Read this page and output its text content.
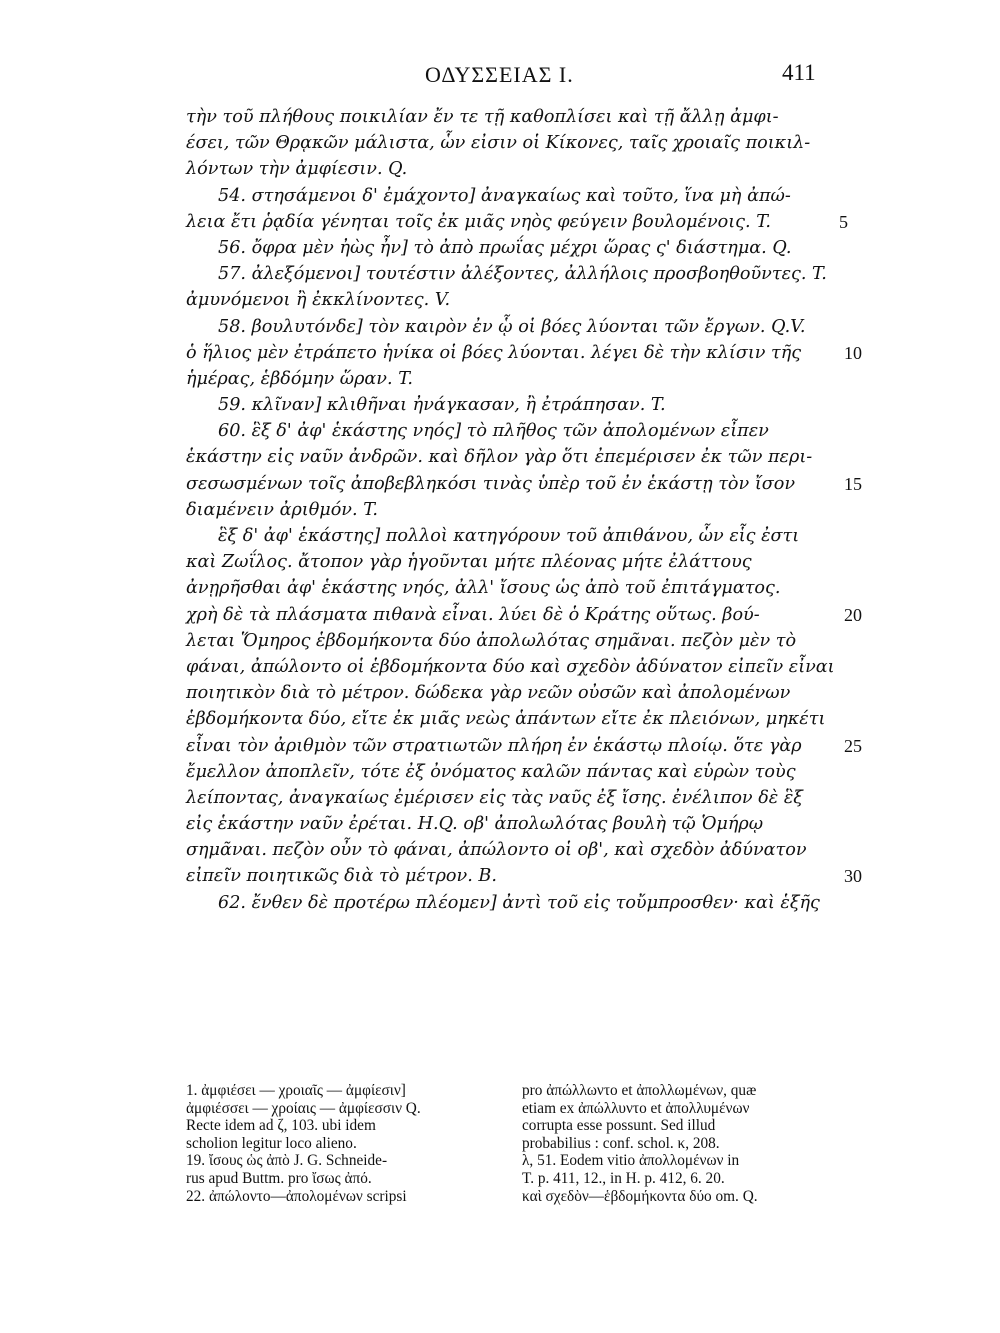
ΟΔΥΣΣΕΙΑΣ Ι.	411
τὴν τοῦ πλήθους ποικιλίαν ἔν τε τῇ καθοπλίσει καὶ τῇ ἄλλῃ ἀμφι-
έσει, τῶν Θρᾳκῶν μάλιστα, ὧν εἰσιν οἱ Κίκονες, ταῖς χροιαῖς ποικιλ-
λόντων τὴν ἀμφίεσιν. Q.
54. στησάμενοι δ' ἐμάχοντο] ἀναγκαίως καὶ τοῦτο, ἵνα μὴ ἀπώ-
λεια ἔτι ῥᾳδία γένηται τοῖς ἐκ μιᾶς νηὸς φεύγειν βουλομένοις. T.	5
56. ὄφρα μὲν ἠὼς ἦν] τὸ ἀπὸ πρωΐας μέχρι ὥρας ς' διάστημα. Q.
57. ἀλεξόμενοι] τουτέστιν ἀλέξοντες, ἀλλήλοις προσβοηθοῦντες. T.
ἀμυνόμενοι ἢ ἐκκλίνοντες. V.
58. βουλυτόνδε] τὸν καιρὸν ἐν ᾧ οἱ βόες λύονται τῶν ἔργων. Q.V.
ὁ ἥλιος μὲν ἐτράπετο ἡνίκα οἱ βόες λύονται. λέγει δὲ τὴν κλίσιν τῆς 10
ἡμέρας, ἑβδόμην ὥραν. T.
59. κλῖναν] κλιθῆναι ἠνάγκασαν, ἢ ἐτράπησαν. T.
60. ἓξ δ' ἀφ' ἑκάστης νηός] τὸ πλῆθος τῶν ἀπολομένων εἶπεν
ἑκάστην εἰς ναῦν ἀνδρῶν. καὶ δῆλον γὰρ ὅτι ἐπεμέρισεν ἐκ τῶν περι-
σεσωσμένων τοῖς ἀποβεβληκόσι τινὰς ὑπὲρ τοῦ ἐν ἑκάστῃ τὸν ἴσον	15
διαμένειν ἀριθμόν. T.
ἓξ δ' ἀφ' ἑκάστης] πολλοὶ κατηγόρουν τοῦ ἀπιθάνου, ὧν εἷς ἐστι
καὶ Ζωΐλος. ἄτοπον γὰρ ἡγοῦνται μήτε πλέονας μήτε ἐλάττους
ἀνῃρῆσθαι ἀφ' ἑκάστης νηός, ἀλλ' ἴσους ὡς ἀπὸ τοῦ ἐπιτάγματος.
χρὴ δὲ τὰ πλάσματα πιθανὰ εἶναι. λύει δὲ ὁ Κράτης οὕτως. βού-	20
λεται Ὅμηρος ἑβδομήκοντα δύο ἀπολωλότας σημᾶναι. πεζὸν μὲν τὸ
φάναι, ἀπώλοντο οἱ ἑβδομήκοντα δύο καὶ σχεδὸν ἀδύνατον εἰπεῖν εἶναι
ποιητικὸν διὰ τὸ μέτρον. δώδεκα γὰρ νεῶν οὐσῶν καὶ ἀπολομένων
ἑβδομήκοντα δύο, εἴτε ἐκ μιᾶς νεὼς ἁπάντων εἴτε ἐκ πλειόνων, μηκέτι
εἶναι τὸν ἀριθμὸν τῶν στρατιωτῶν πλήρη ἐν ἑκάστῳ πλοίῳ. ὅτε γὰρ 25
ἔμελλον ἀποπλεῖν, τότε ἐξ ὀνόματος καλῶν πάντας καὶ εὑρὼν τοὺς
λείποντας, ἀναγκαίως ἐμέρισεν εἰς τὰς ναῦς ἐξ ἴσης. ἐνέλιπον δὲ ἓξ
εἰς ἑκάστην ναῦν ἐρέται. H.Q. οβ' ἀπολωλότας βουλὴ τῷ Ὁμήρῳ
σημᾶναι. πεζὸν οὖν τὸ φάναι, ἀπώλοντο οἱ οβ', καὶ σχεδὸν ἀδύνατον
εἰπεῖν ποιητικῶς διὰ τὸ μέτρον. B.	30
62. ἔνθεν δὲ προτέρω πλέομεν] ἀντὶ τοῦ εἰς τοὔμπροσθεν· καὶ ἑξῆς
1. ἀμφιέσει — χροιαῖς — ἀμφίεσιν]
ἀμφιέσσει — χροίαις — ἀμφίεσσιν Q.
Recte idem ad ζ, 103. ubi idem
scholion legitur loco alieno.
19. ἴσους ὡς ἀπὸ J. G. Schneide-
rus apud Buttm. pro ἴσως ἀπό.
22. ἀπώλοντο—ἀπολομένων scripsi
pro ἀπώλλωντο et ἀπολλωμένων, quæ
etiam ex ἀπώλλυντο et ἀπολλυμένων
corrupta esse possunt. Sed illud
probabilius : conf. schol. κ, 208.
λ, 51. Eodem vitio ἀπολλομένων in
T. p. 411, 12., in H. p. 412, 6. 20.
καὶ σχεδὸν—ἑβδομήκοντα δύο om. Q.
